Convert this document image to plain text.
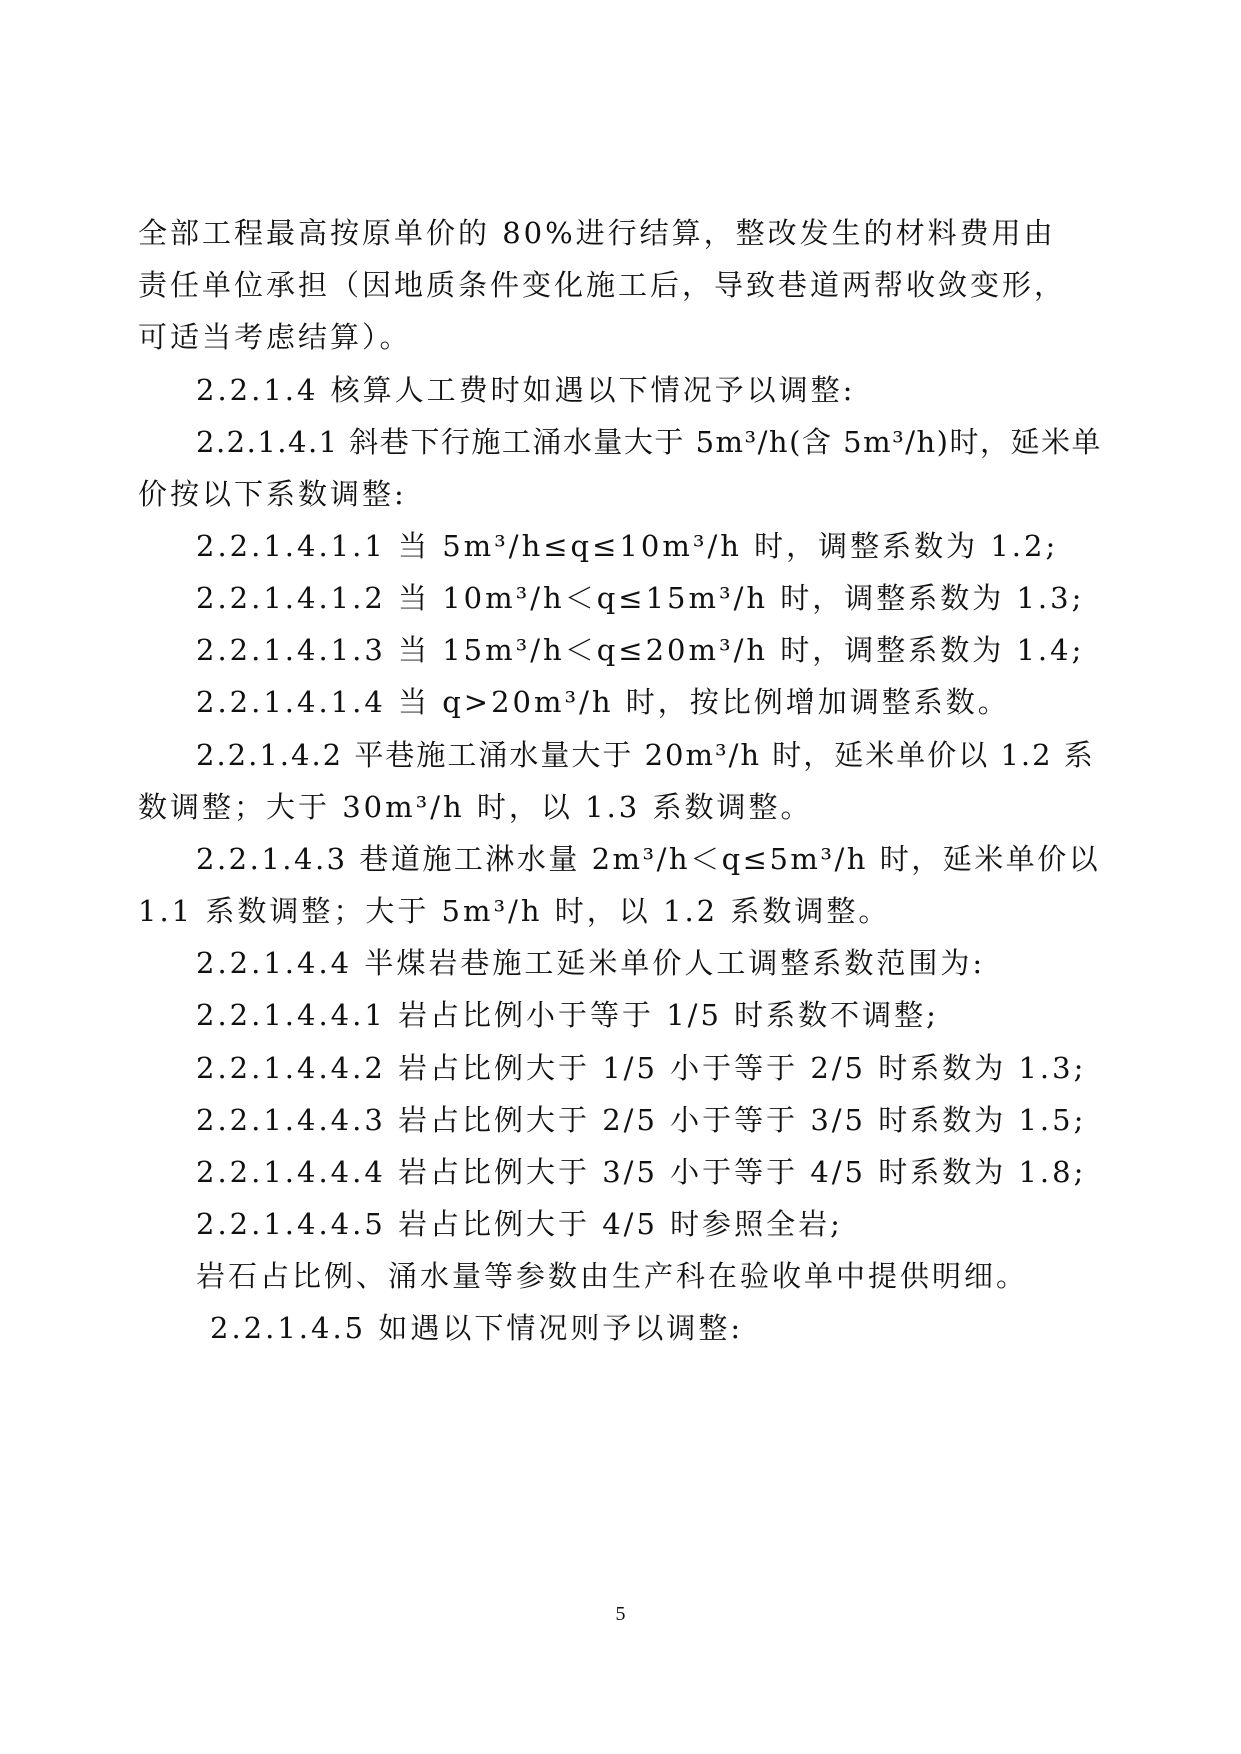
全部工程最高按原单价的 80%进行结算，整改发生的材料费用由
责任单位承担（因地质条件变化施工后，导致巷道两帮收敛变形，
可适当考虑结算）。
2.2.1.4 核算人工费时如遇以下情况予以调整:
2.2.1.4.1 斜巷下行施工涌水量大于 5m³/h(含 5m³/h)时，延米单
价按以下系数调整:
2.2.1.4.1.1 当 5m³/h≤q≤10m³/h 时，调整系数为 1.2;
2.2.1.4.1.2 当 10m³/h＜q≤15m³/h 时，调整系数为 1.3;
2.2.1.4.1.3 当 15m³/h＜q≤20m³/h 时，调整系数为 1.4;
2.2.1.4.1.4 当 q>20m³/h 时，按比例增加调整系数。
2.2.1.4.2 平巷施工涌水量大于 20m³/h 时，延米单价以 1.2 系
数调整；大于 30m³/h 时，以 1.3 系数调整。
2.2.1.4.3 巷道施工淋水量 2m³/h＜q≤5m³/h 时，延米单价以
1.1 系数调整；大于 5m³/h 时，以 1.2 系数调整。
2.2.1.4.4 半煤岩巷施工延米单价人工调整系数范围为:
2.2.1.4.4.1 岩占比例小于等于 1/5 时系数不调整;
2.2.1.4.4.2 岩占比例大于 1/5 小于等于 2/5 时系数为 1.3;
2.2.1.4.4.3 岩占比例大于 2/5 小于等于 3/5 时系数为 1.5;
2.2.1.4.4.4 岩占比例大于 3/5 小于等于 4/5 时系数为 1.8;
2.2.1.4.4.5 岩占比例大于 4/5 时参照全岩;
岩石占比例、涌水量等参数由生产科在验收单中提供明细。
2.2.1.4.5 如遇以下情况则予以调整:
5
